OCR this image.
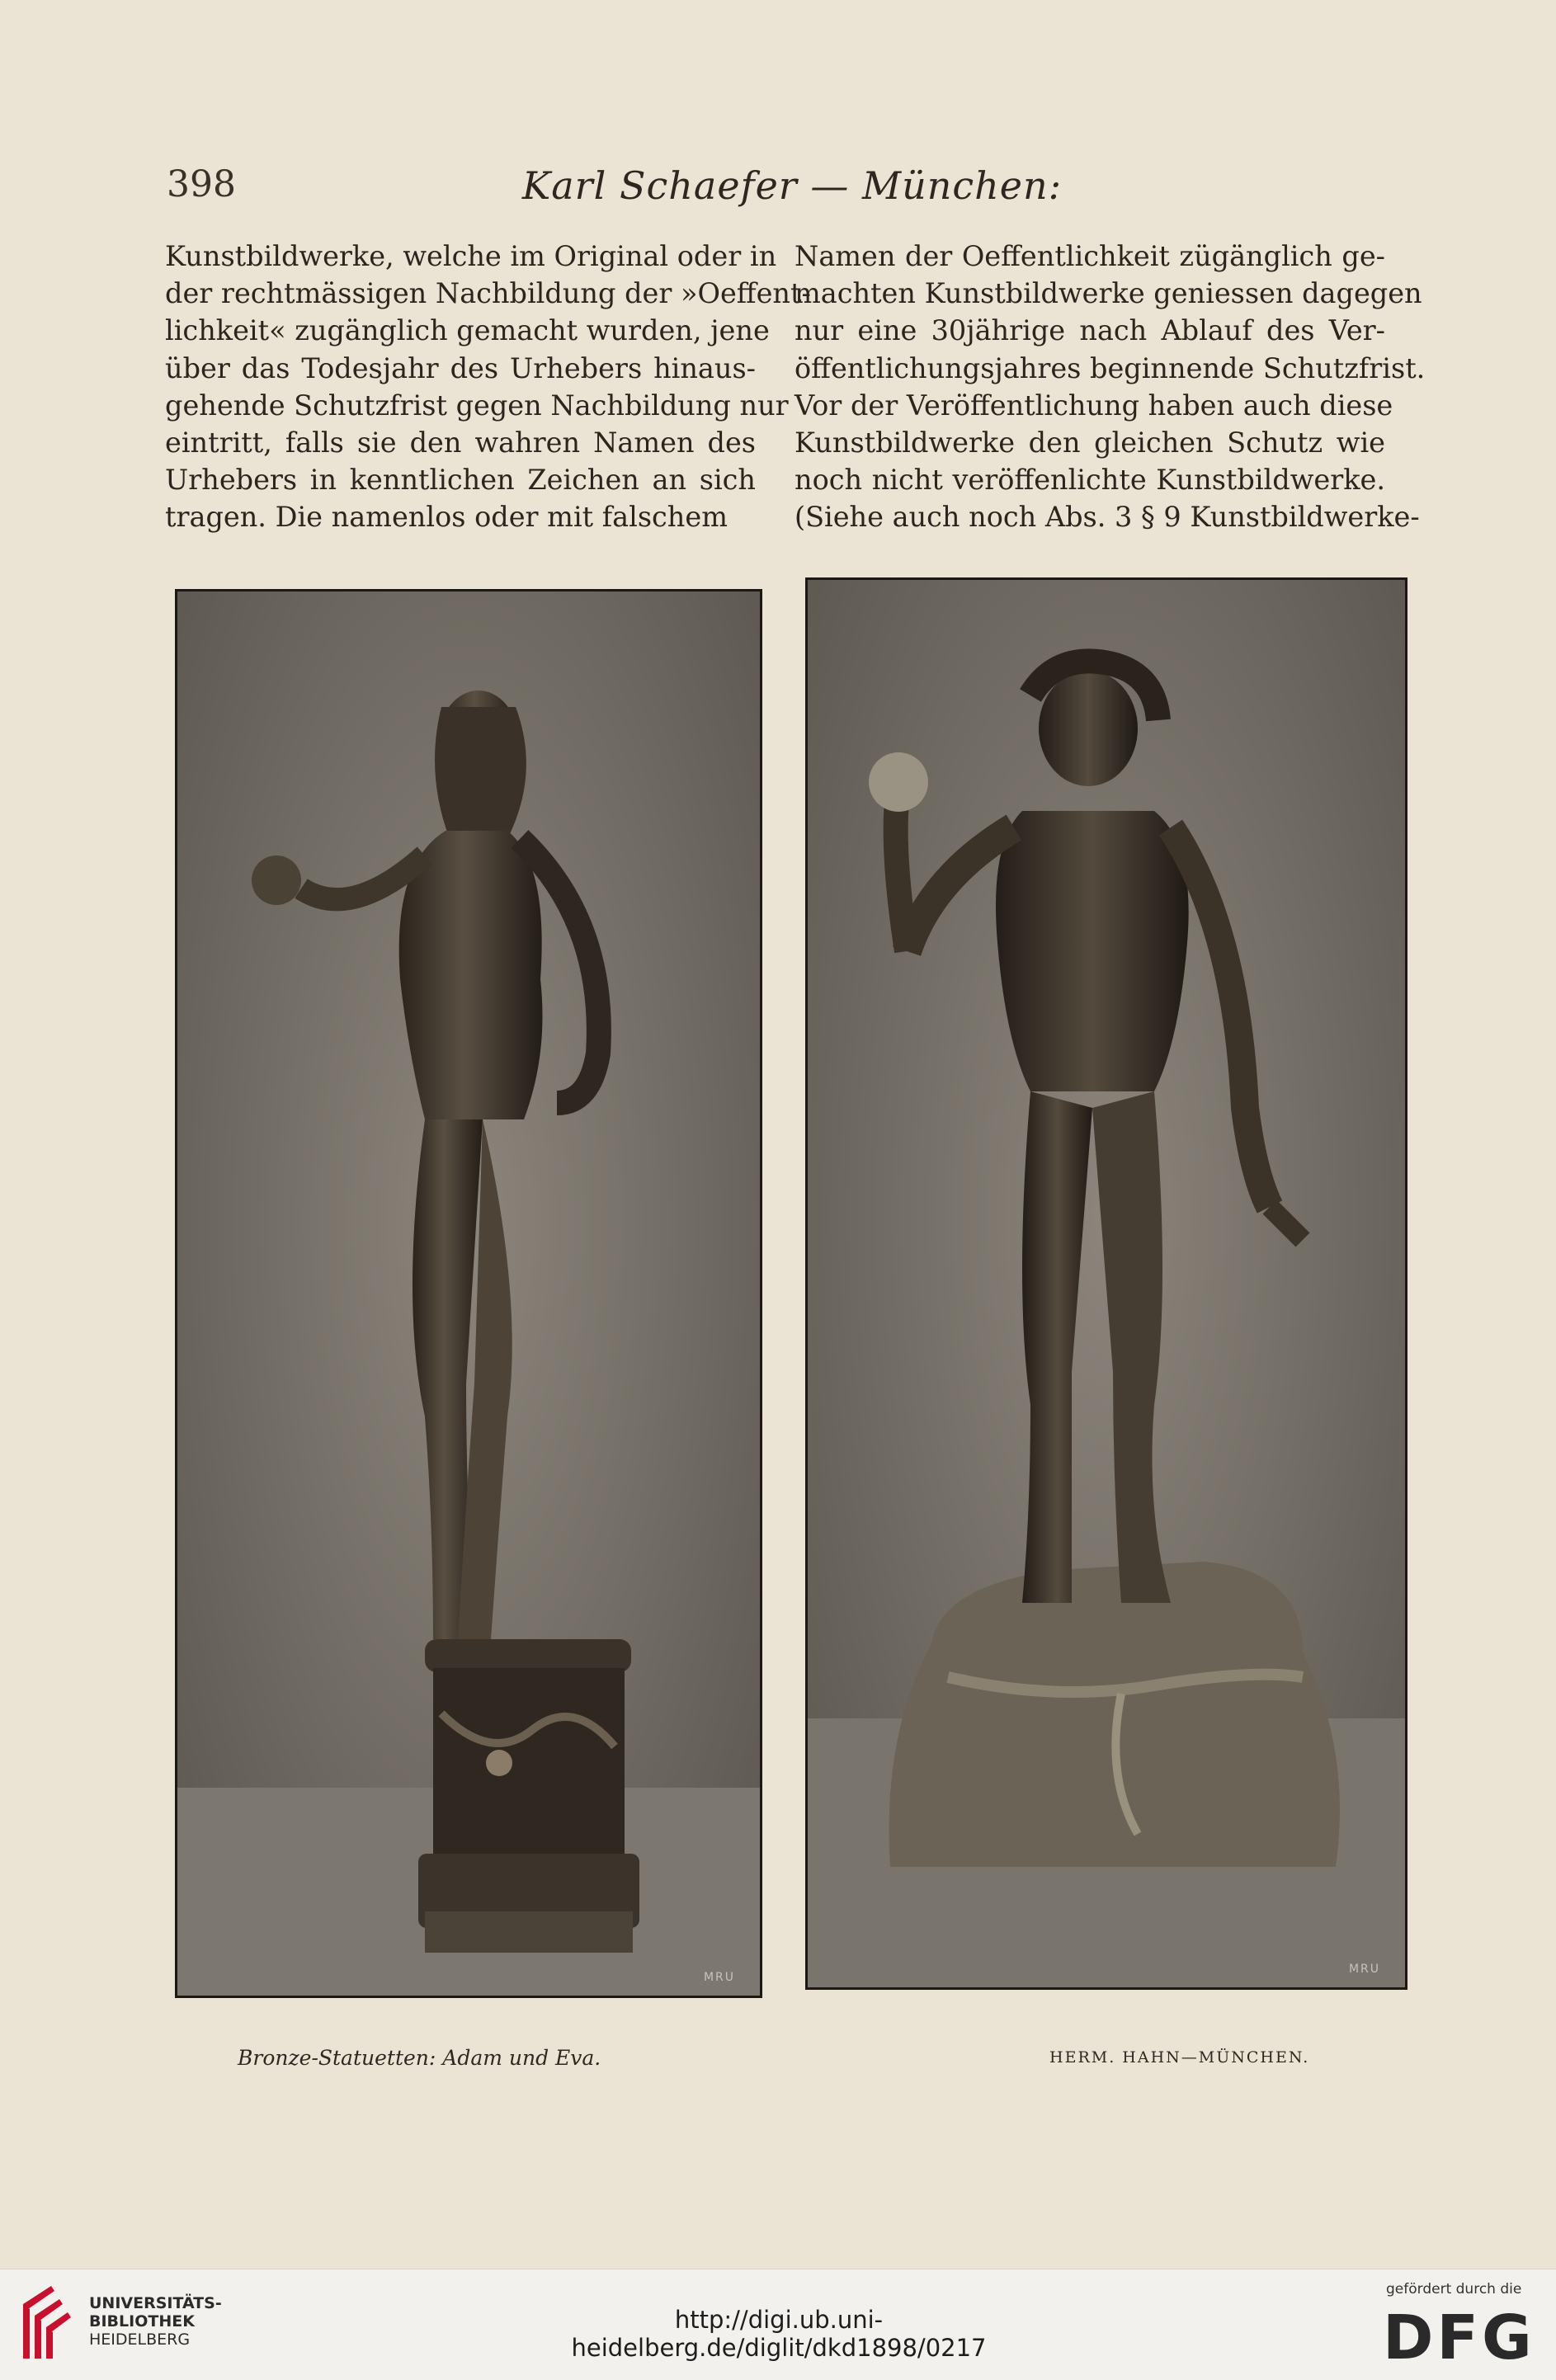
398	Karl Schaefer — München:
Kunstbildwerke, welche im Original oder in
der rechtmässigen Nachbildung der »Oeffent-
lichkeit« zugänglich gemacht wurden, jene
über das Todesjahr des Urhebers hinaus-
gehende Schutzfrist gegen Nachbildung nur
eintritt, falls sie den wahren Namen des
Urhebers in kenntlichen Zeichen an sich
tragen. Die namenlos oder mit falschem
Namen der Oeffentlichkeit zügänglich ge-
machten Kunstbildwerke geniessen dagegen
nur eine 30jährige nach Ablauf des Ver-
öffentlichungsjahres beginnende Schutzfrist.
Vor der Veröffentlichung haben auch diese
Kunstbildwerke den gleichen Schutz wie
noch nicht veröffenlichte Kunstbildwerke.
(Siehe auch noch Abs. 3 § 9 Kunstbildwerke-
MRU
MRU
Bronze-Statuetten: Adam und Eva.	HERM. HAHN—MÜNCHEN.
UNIVERSITÄTS-
BIBLIOTHEK
HEIDELBERG
http://digi.ub.uni-heidelberg.de/diglit/dkd1898/0217
gefördert durch die
DFG
